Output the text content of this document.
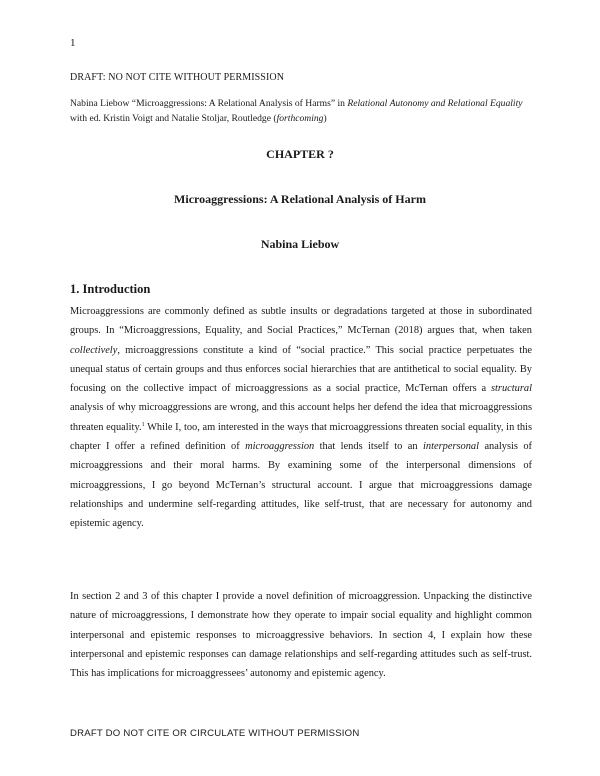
1
DRAFT: NO NOT CITE WITHOUT PERMISSION
Nabina Liebow “Microaggressions: A Relational Analysis of Harms” in Relational Autonomy and Relational Equality with ed. Kristin Voigt and Natalie Stoljar, Routledge (forthcoming)
CHAPTER ?
Microaggressions: A Relational Analysis of Harm
Nabina Liebow
1. Introduction

Microaggressions are commonly defined as subtle insults or degradations targeted at those in subordinated groups. In “Microaggressions, Equality, and Social Practices,” McTernan (2018) argues that, when taken collectively, microaggressions constitute a kind of “social practice.” This social practice perpetuates the unequal status of certain groups and thus enforces social hierarchies that are antithetical to social equality. By focusing on the collective impact of microaggressions as a social practice, McTernan offers a structural analysis of why microaggressions are wrong, and this account helps her defend the idea that microaggressions threaten equality.$^1$ While I, too, am interested in the ways that microaggressions threaten social equality, in this chapter I offer a refined definition of microaggression that lends itself to an interpersonal analysis of microaggressions and their moral harms. By examining some of the interpersonal dimensions of microaggressions, I go beyond McTernan’s structural account. I argue that microaggressions damage relationships and undermine self-regarding attitudes, like self-trust, that are necessary for autonomy and epistemic agency.

In section 2 and 3 of this chapter I provide a novel definition of microaggression. Unpacking the distinctive nature of microaggressions, I demonstrate how they operate to impair social equality and highlight common interpersonal and epistemic responses to microaggressive behaviors. In section 4, I explain how these interpersonal and epistemic responses can damage relationships and self-regarding attitudes such as self-trust. This has implications for microaggressees’ autonomy and epistemic agency.

DRAFT DO NOT CITE OR CIRCULATE WITHOUT PERMISSION
